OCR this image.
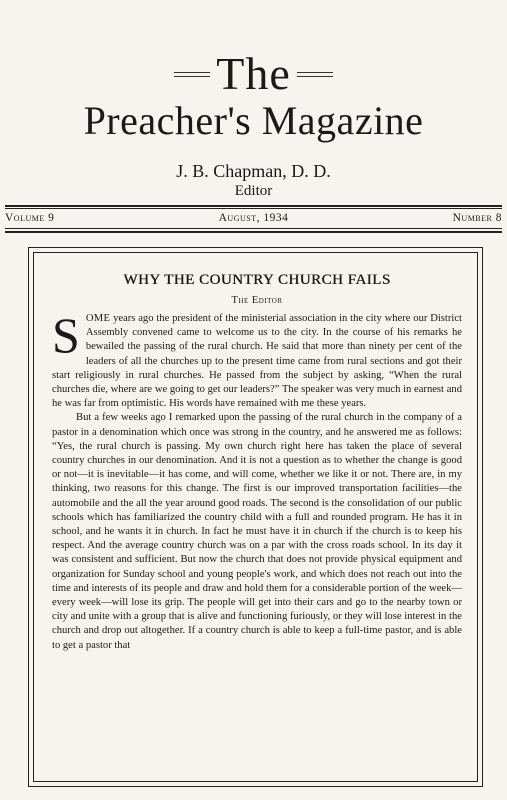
The
Preacher's Magazine
J. B. Chapman, D. D.
Editor
Volume 9	August, 1934	Number 8
WHY THE COUNTRY CHURCH FAILS
The Editor

SOME years ago the president of the ministerial association in the city where our District Assembly convened came to welcome us to the city. In the course of his remarks he bewailed the passing of the rural church. He said that more than ninety per cent of the leaders of all the churches up to the present time came from rural sections and got their start religiously in rural churches. He passed from the subject by asking, “When the rural churches die, where are we going to get our leaders?” The speaker was very much in earnest and he was far from optimistic. His words have remained with me these years.

But a few weeks ago I remarked upon the passing of the rural church in the company of a pastor in a denomination which once was strong in the country, and he answered me as follows: “Yes, the rural church is passing. My own church right here has taken the place of several country churches in our denomination. And it is not a question as to whether the change is good or not—it is inevitable—it has come, and will come, whether we like it or not. There are, in my thinking, two reasons for this change. The first is our improved transportation facilities—the automobile and the all the year around good roads. The second is the consolidation of our public schools which has familiarized the country child with a full and rounded program. He has it in school, and he wants it in church. In fact he must have it in church if the church is to keep his respect. And the average country church was on a par with the cross roads school. In its day it was consistent and sufficient. But now the church that does not provide physical equipment and organization for Sunday school and young people's work, and which does not reach out into the time and interests of its people and draw and hold them for a considerable portion of the week—every week—will lose its grip. The people will get into their cars and go to the nearby town or city and unite with a group that is alive and functioning furiously, or they will lose interest in the church and drop out altogether. If a country church is able to keep a full-time pastor, and is able to get a pastor that
